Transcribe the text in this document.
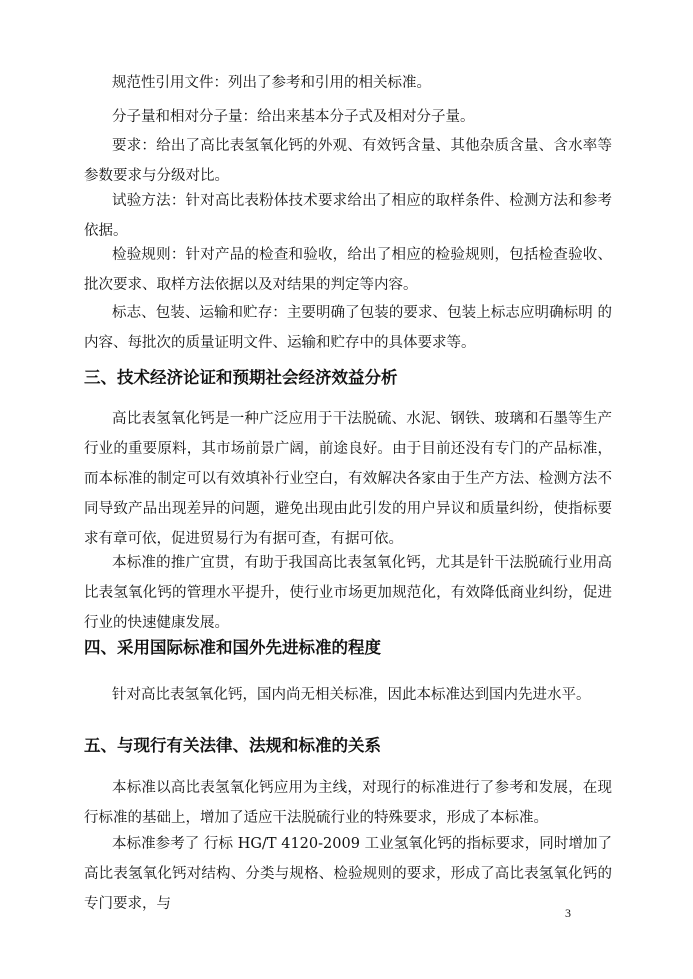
规范性引用文件：列出了参考和引用的相关标准。

分子量和相对分子量：给出来基本分子式及相对分子量。

要求：给出了高比表氢氧化钙的外观、有效钙含量、其他杂质含量、含水率等参数要求与分级对比。

试验方法：针对高比表粉体技术要求给出了相应的取样条件、检测方法和参考依据。

检验规则：针对产品的检查和验收，给出了相应的检验规则，包括检查验收、 批次要求、取样方法依据以及对结果的判定等内容。

标志、包装、运输和贮存：主要明确了包装的要求、包装上标志应明确标明 的内容、每批次的质量证明文件、运输和贮存中的具体要求等。

三、技术经济论证和预期社会经济效益分析

高比表氢氧化钙是一种广泛应用于干法脱硫、水泥、钢铁、玻璃和石墨等生产行业的重要原料，其市场前景广阔，前途良好。由于目前还没有专门的产品标准，而本标准的制定可以有效填补行业空白，有效解决各家由于生产方法、检测方法不同导致产品出现差异的问题，避免出现由此引发的用户异议和质量纠纷，使指标要求有章可依，促进贸易行为有据可查，有据可依。

本标准的推广宜贯，有助于我国高比表氢氧化钙，尤其是针干法脱硫行业用高比表氢氧化钙的管理水平提升，使行业市场更加规范化，有效降低商业纠纷，促进行业的快速健康发展。

四、采用国际标准和国外先进标准的程度

针对高比表氢氧化钙，国内尚无相关标准，因此本标准达到国内先进水平。

五、与现行有关法律、法规和标准的关系

本标准以高比表氢氧化钙应用为主线，对现行的标准进行了参考和发展，在现行标准的基础上，增加了适应干法脱硫行业的特殊要求，形成了本标准。

本标准参考了 行标 HG/T 4120-2009 工业氢氧化钙的指标要求，同时增加了高比表氢氧化钙对结构、分类与规格、检验规则的要求，形成了高比表氢氧化钙的专门要求，与

3
